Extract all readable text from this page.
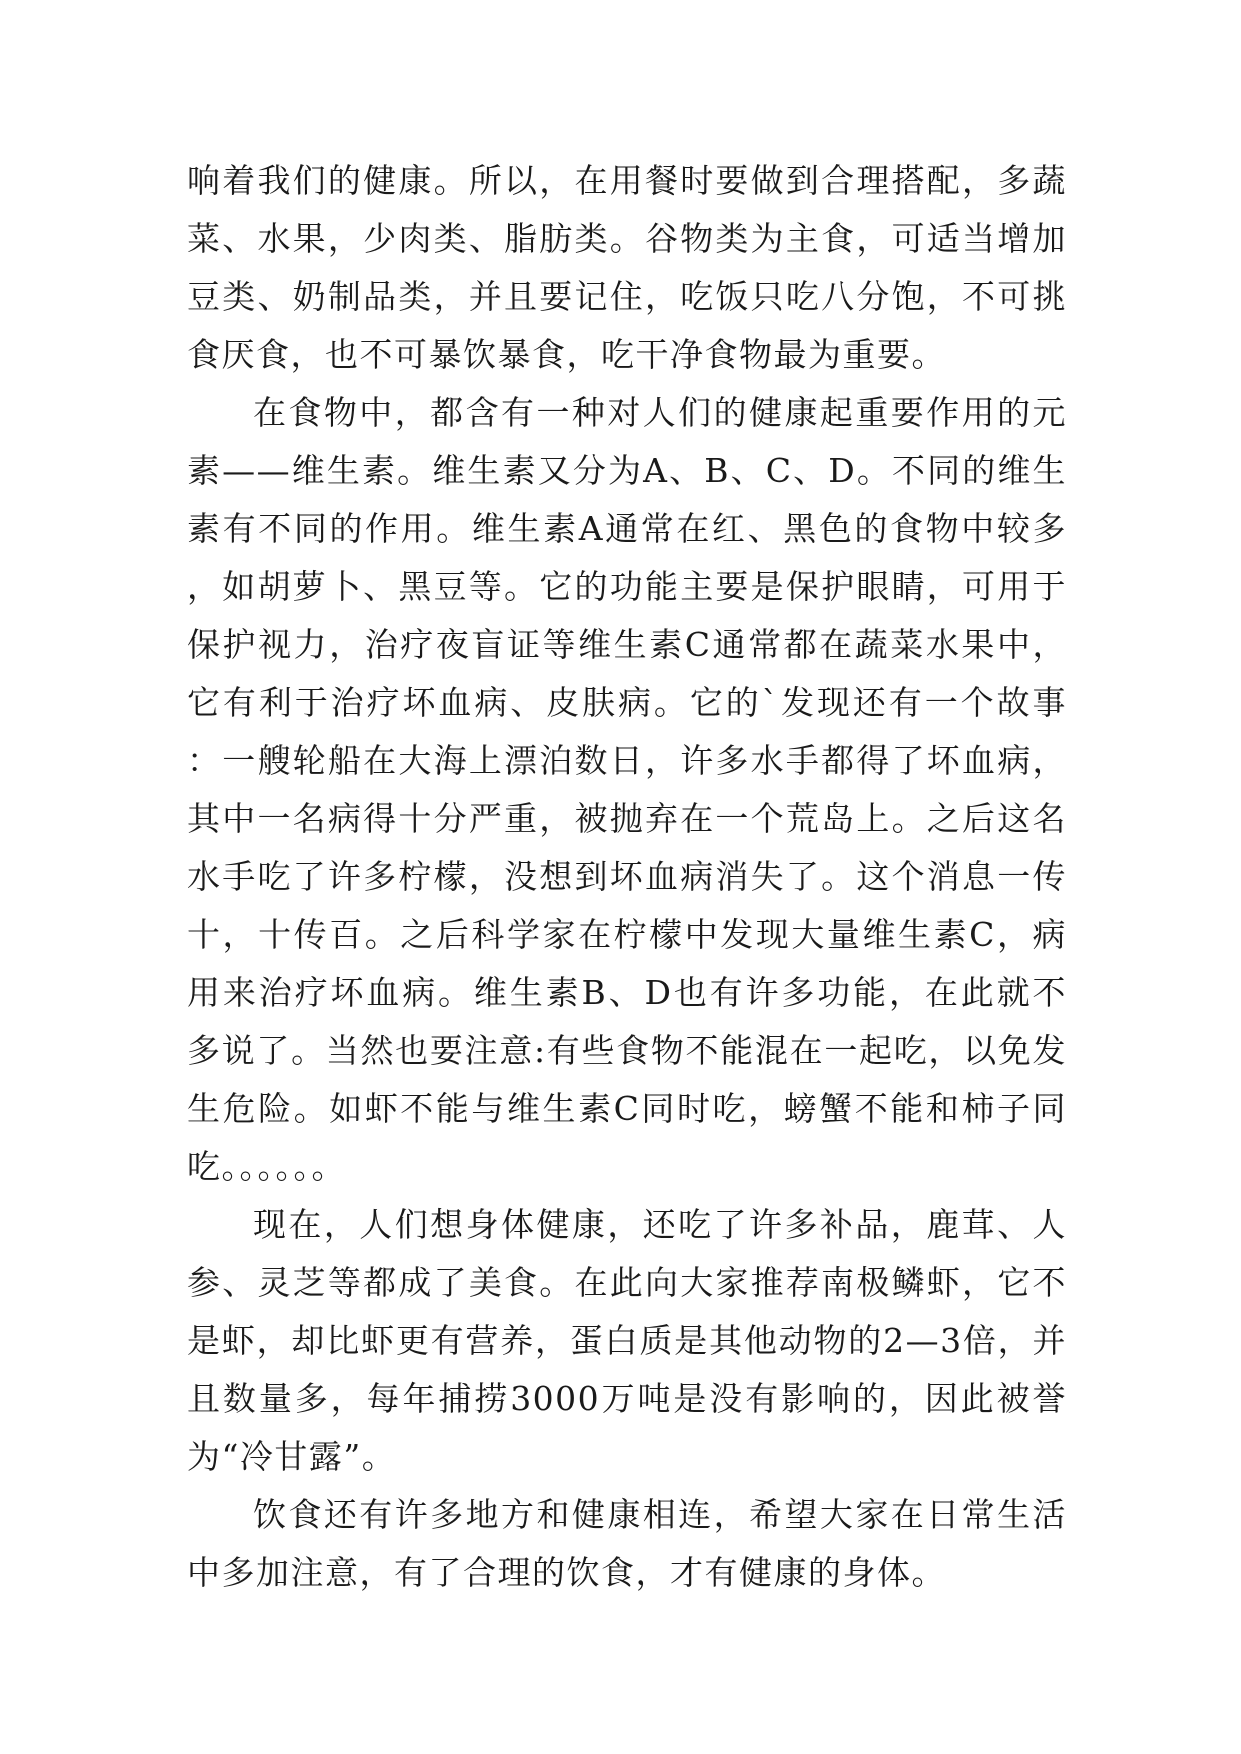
响着我们的健康。所以，在用餐时要做到合理搭配，多蔬菜、水果，少肉类、脂肪类。谷物类为主食，可适当增加豆类、奶制品类，并且要记住，吃饭只吃八分饱，不可挑食厌食，也不可暴饮暴食，吃干净食物最为重要。

在食物中，都含有一种对人们的健康起重要作用的元素——维生素。维生素又分为A、B、C、D。不同的维生素有不同的作用。维生素A通常在红、黑色的食物中较多，如胡萝卜、黑豆等。它的功能主要是保护眼睛，可用于保护视力，治疗夜盲证等维生素C通常都在蔬菜水果中，它有利于治疗坏血病、皮肤病。它的`发现还有一个故事：一艘轮船在大海上漂泊数日，许多水手都得了坏血病，其中一名病得十分严重，被抛弃在一个荒岛上。之后这名水手吃了许多柠檬，没想到坏血病消失了。这个消息一传十，十传百。之后科学家在柠檬中发现大量维生素C，病用来治疗坏血病。维生素B、D也有许多功能，在此就不多说了。当然也要注意:有些食物不能混在一起吃，以免发生危险。如虾不能与维生素C同时吃，螃蟹不能和柿子同吃。。。。。。

现在，人们想身体健康，还吃了许多补品，鹿茸、人参、灵芝等都成了美食。在此向大家推荐南极鳞虾，它不是虾，却比虾更有营养，蛋白质是其他动物的2—3倍，并且数量多，每年捕捞3000万吨是没有影响的，因此被誉为“冷甘露”。

饮食还有许多地方和健康相连，希望大家在日常生活中多加注意，有了合理的饮食，才有健康的身体。
